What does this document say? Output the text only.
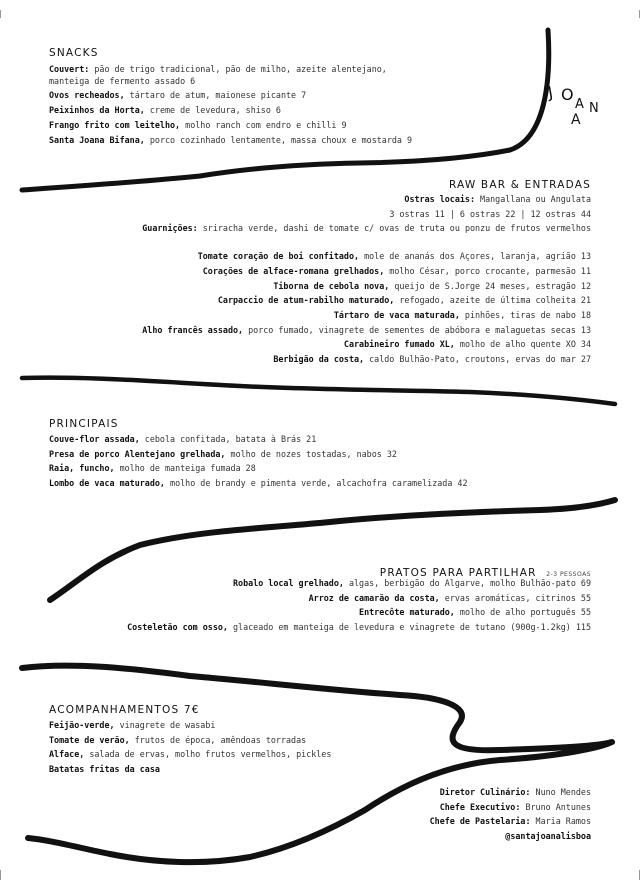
J O
A N
A
SNACKS
Couvert: pão de trigo tradicional, pão de milho, azeite alentejano,
manteiga de fermento assado 6
Ovos recheados, tártaro de atum, maionese picante 7
Peixinhos da Horta, creme de levedura, shiso 6
Frango frito com leitelho, molho ranch com endro e chilli 9
Santa Joana Bifana, porco cozinhado lentamente, massa choux e mostarda 9
RAW BAR & ENTRADAS
Ostras locais: Mangallana ou Angulata
3 ostras 11 | 6 ostras 22 | 12 ostras 44
Guarnições: sriracha verde, dashi de tomate c/ ovas de truta ou ponzu de frutos vermelhos
Tomate coração de boi confitado, mole de ananás dos Açores, laranja, agrião 13
Corações de alface-romana grelhados, molho César, porco crocante, parmesão 11
Tiborna de cebola nova, queijo de S.Jorge 24 meses, estragão 12
Carpaccio de atum-rabilho maturado, refogado, azeite de última colheita 21
Tártaro de vaca maturada, pinhões, tiras de nabo 18
Alho francês assado, porco fumado, vinagrete de sementes de abóbora e malaguetas secas 13
Carabineiro fumado XL, molho de alho quente XO 34
Berbigão da costa, caldo Bulhão-Pato, croutons, ervas do mar 27
PRINCIPAIS
Couve-flor assada, cebola confitada, batata à Brás 21
Presa de porco Alentejano grelhada, molho de nozes tostadas, nabos 32
Raia, funcho, molho de manteiga fumada 28
Lombo de vaca maturado, molho de brandy e pimenta verde, alcachofra caramelizada 42
PRATOS PARA PARTILHAR 2-3 PESSOAS
Robalo local grelhado, algas, berbigão do Algarve, molho Bulhão-pato 69
Arroz de camarão da costa, ervas aromáticas, citrinos 55
Entrecôte maturado, molho de alho português 55
Costeletão com osso, glaceado em manteiga de levedura e vinagrete de tutano (900g-1.2kg) 115
ACOMPANHAMENTOS 7€
Feijão-verde, vinagrete de wasabi
Tomate de verão, frutos de época, amêndoas torradas
Alface, salada de ervas, molho frutos vermelhos, pickles
Batatas fritas da casa
Diretor Culinário: Nuno Mendes
Chefe Executivo: Bruno Antunes
Chefe de Pastelaria: Maria Ramos
@santajoanalisboa
